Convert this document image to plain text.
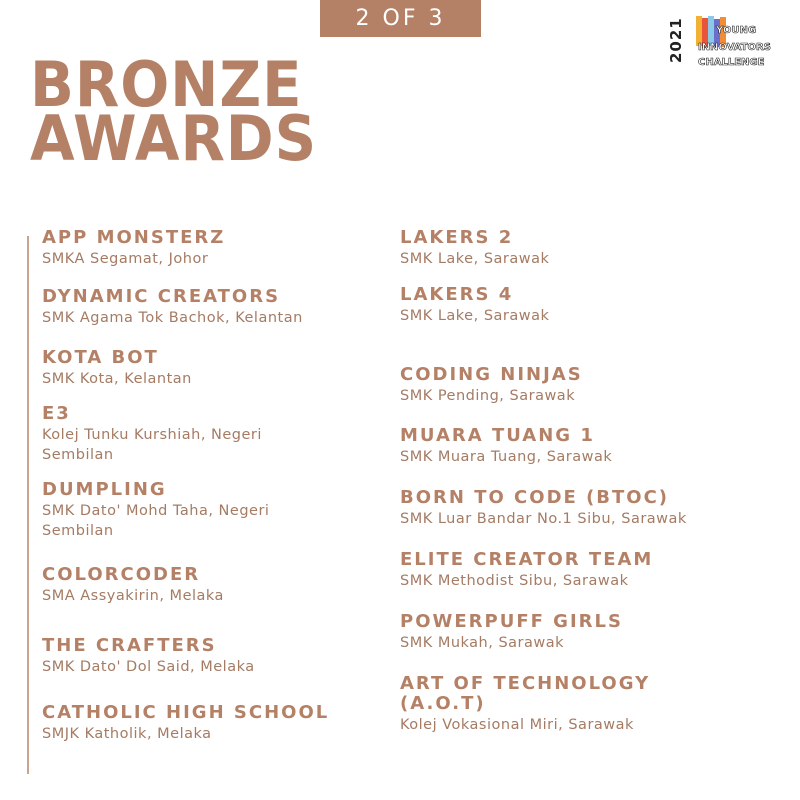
2 OF 3
BRONZE
AWARDS
2021	YOUNG
INNOVATORS
CHALLENGE
APP MONSTERZ
SMKA Segamat, Johor
DYNAMIC CREATORS
SMK Agama Tok Bachok, Kelantan
KOTA BOT
SMK Kota, Kelantan
E3
Kolej Tunku Kurshiah, Negeri Sembilan
DUMPLING
SMK Dato' Mohd Taha, Negeri Sembilan
COLORCODER
SMA Assyakirin, Melaka
THE CRAFTERS
SMK Dato' Dol Said, Melaka
CATHOLIC HIGH SCHOOL
SMJK Katholik, Melaka
LAKERS 2
SMK Lake, Sarawak
LAKERS 4
SMK Lake, Sarawak
CODING NINJAS
SMK Pending, Sarawak
MUARA TUANG 1
SMK Muara Tuang, Sarawak
BORN TO CODE (BTOC)
SMK Luar Bandar No.1 Sibu, Sarawak
ELITE CREATOR TEAM
SMK Methodist Sibu, Sarawak
POWERPUFF GIRLS
SMK Mukah, Sarawak
ART OF TECHNOLOGY (A.O.T)
Kolej Vokasional Miri, Sarawak
